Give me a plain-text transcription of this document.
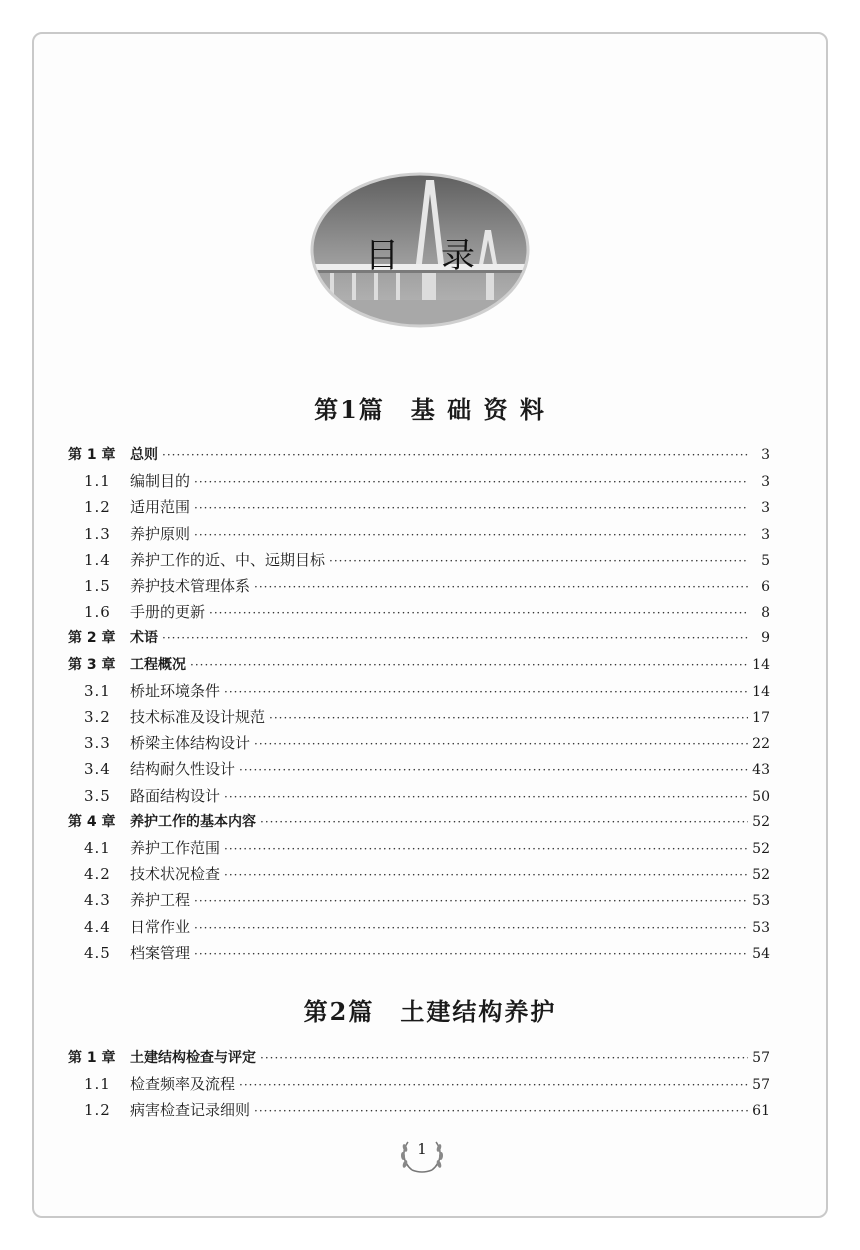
目录
第1篇　基 础 资 料
第 1 章	总则 ·····	3
1.1	编制目的 ·····	3
1.2	适用范围 ·····	3
1.3	养护原则 ·····	3
1.4	养护工作的近、中、远期目标 ·····	5
1.5	养护技术管理体系 ·····	6
1.6	手册的更新 ·····	8
第 2 章	术语 ·····	9
第 3 章	工程概况 ·····	14
3.1	桥址环境条件 ·····	14
3.2	技术标准及设计规范 ·····	17
3.3	桥梁主体结构设计 ·····	22
3.4	结构耐久性设计 ·····	43
3.5	路面结构设计 ·····	50
第 4 章	养护工作的基本内容 ·····	52
4.1	养护工作范围 ·····	52
4.2	技术状况检查 ·····	52
4.3	养护工程 ·····	53
4.4	日常作业 ·····	53
4.5	档案管理 ·····	54
第2篇　土建结构养护
第 1 章	土建结构检查与评定 ·····	57
1.1	检查频率及流程 ·····	57
1.2	病害检查记录细则 ·····	61
1
